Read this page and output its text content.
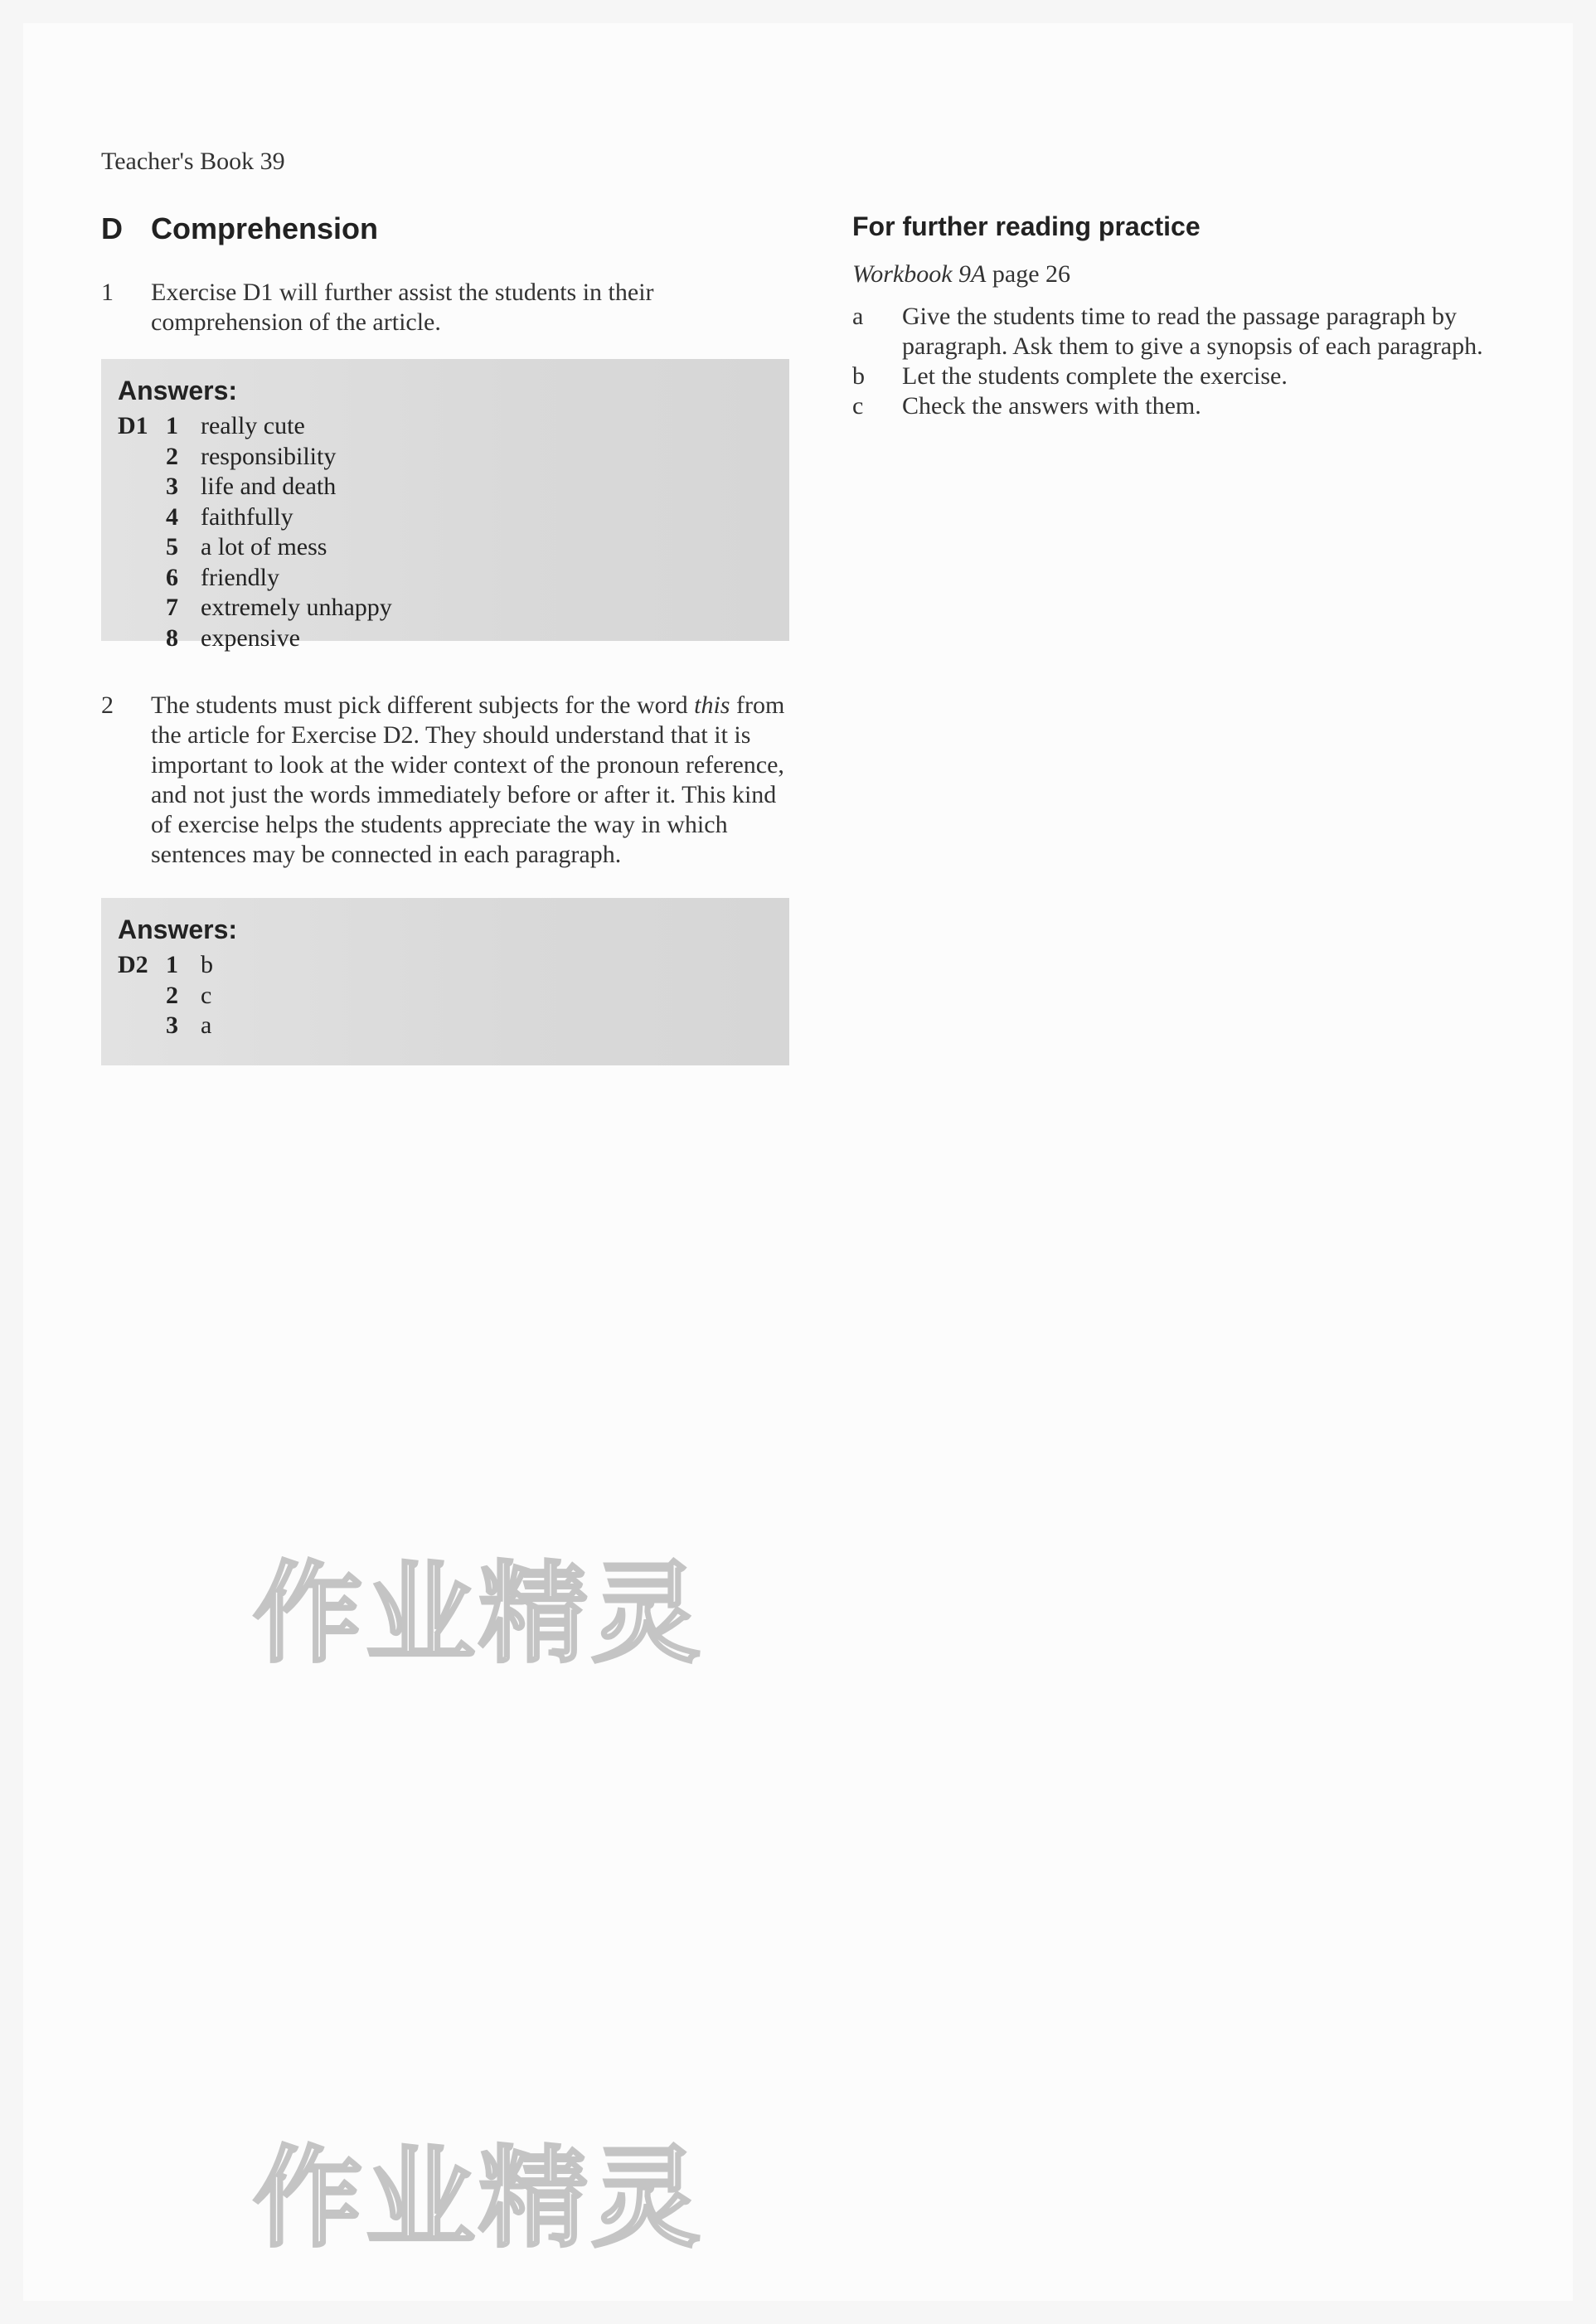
Teacher's Book 39
D Comprehension
1	Exercise D1 will further assist the students in their comprehension of the article.
Answers:
D1 1 really cute
2 responsibility
3 life and death
4 faithfully
5 a lot of mess
6 friendly
7 extremely unhappy
8 expensive
2	The students must pick different subjects for the word this from the article for Exercise D2. They should understand that it is important to look at the wider context of the pronoun reference, and not just the words immediately before or after it. This kind of exercise helps the students appreciate the way in which sentences may be connected in each paragraph.
Answers:
D2 1 b
2 c
3 a
For further reading practice
Workbook 9A page 26
a	Give the students time to read the passage paragraph by paragraph. Ask them to give a synopsis of each paragraph.
b	Let the students complete the exercise.
c	Check the answers with them.
作业精灵
作业精灵
